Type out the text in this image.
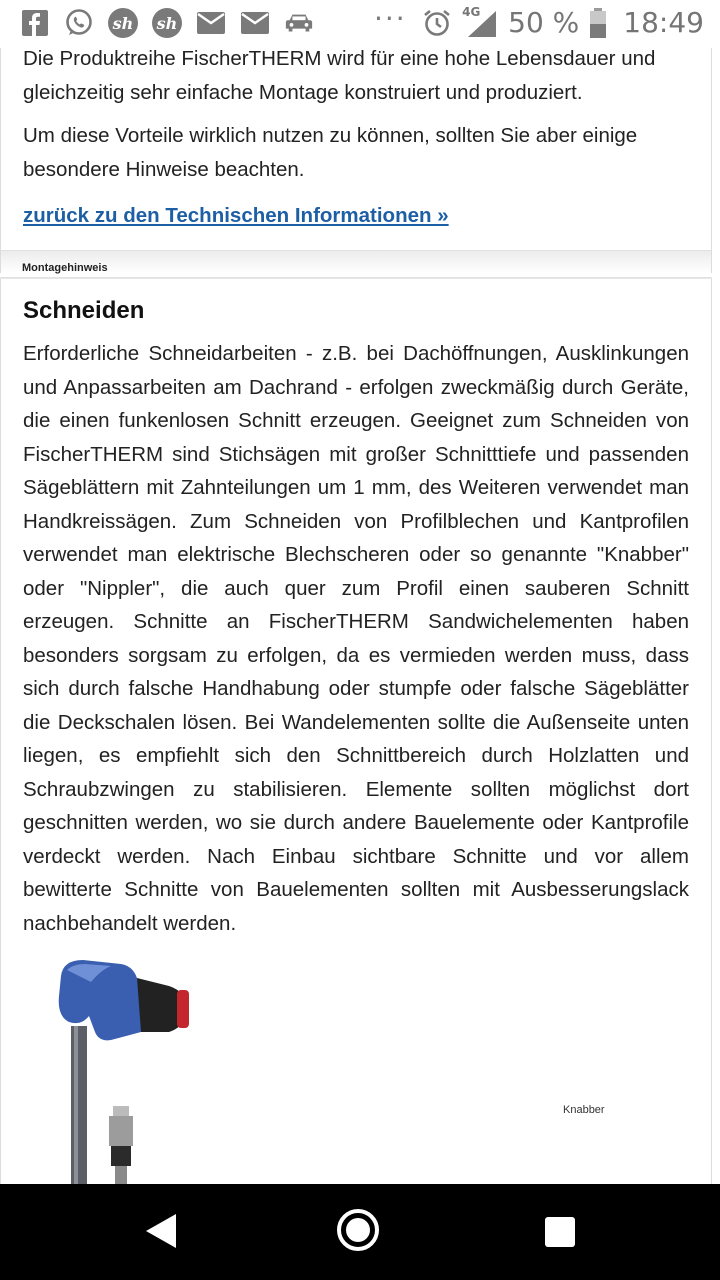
sh sh	···	4G 50 % 18:49

Die Produktreihe FischerTHERM wird für eine hohe Lebensdauer und gleichzeitig sehr einfache Montage konstruiert und produziert.

Um diese Vorteile wirklich nutzen zu können, sollten Sie aber einige besondere Hinweise beachten.

zurück zu den Technischen Informationen »
Montagehinweis
Schneiden

Erforderliche Schneidarbeiten - z.B. bei Dachöffnungen, Ausklinkungen und Anpassarbeiten am Dachrand - erfolgen zweckmäßig durch Geräte, die einen funkenlosen Schnitt erzeugen. Geeignet zum Schneiden von FischerTHERM sind Stichsägen mit großer Schnitttiefe und passenden Sägeblättern mit Zahnteilungen um 1 mm, des Weiteren verwendet man Handkreissägen. Zum Schneiden von Profilblechen und Kantprofilen verwendet man elektrische Blechscheren oder so genannte "Knabber" oder "Nippler", die auch quer zum Profil einen sauberen Schnitt erzeugen. Schnitte an FischerTHERM Sandwichelementen haben besonders sorgsam zu erfolgen, da es vermieden werden muss, dass sich durch falsche Handhabung oder stumpfe oder falsche Sägeblätter die Deckschalen lösen. Bei Wandelementen sollte die Außenseite unten liegen, es empfiehlt sich den Schnittbereich durch Holzlatten und Schraubzwingen zu stabilisieren. Elemente sollten möglichst dort geschnitten werden, wo sie durch andere Bauelemente oder Kantprofile verdeckt werden. Nach Einbau sichtbare Schnitte und vor allem bewitterte Schnitte von Bauelementen sollten mit Ausbesserungslack nachbehandelt werden.

Knabber
